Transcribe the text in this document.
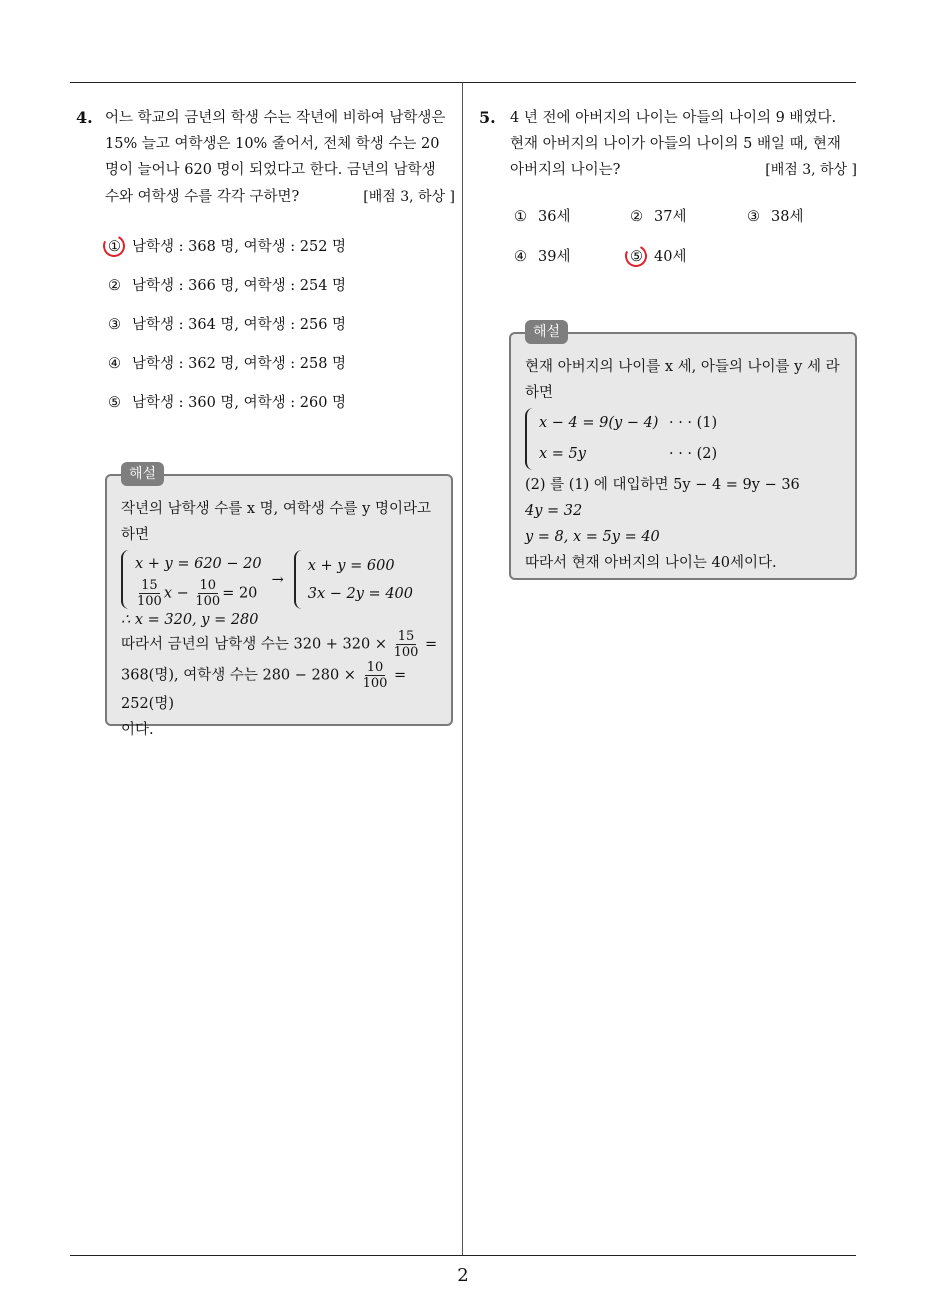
4. 어느 학교의 금년의 학생 수는 작년에 비하여 남학생은

15% 늘고 여학생은 10% 줄어서, 전체 학생 수는 20

명이 늘어나 620 명이 되었다고 한다. 금년의 남학생

수와 여학생 수를 각각 구하면?	[배점 3, 하상 ]

① 남학생 : 368 명, 여학생 : 252 명
② 남학생 : 366 명, 여학생 : 254 명
③ 남학생 : 364 명, 여학생 : 256 명
④ 남학생 : 362 명, 여학생 : 258 명
⑤ 남학생 : 360 명, 여학생 : 260 명
해설

작년의 남학생 수를 x 명, 여학생 수를 y 명이라고

하면

x + y = 620 − 20
$\frac{15}{100}$ $x - \frac{10}{100} = 20$
→
x + y = 600
3x − 2y = 400

∴ x = 320, y = 280

따라서 금년의 남학생 수는 $320 + 320 \times \frac{15}{100}$ =

368(명), 여학생 수는 $280 - 280 \times \frac{10}{100} = 252$(명)

이다.

5. 4 년 전에 아버지의 나이는 아들의 나이의 9 배였다.

현재 아버지의 나이가 아들의 나이의 5 배일 때, 현재

아버지의 나이는?	[배점 3, 하상 ]

① 36세	② 37세	③ 38세
④ 39세	⑤ 40세
해설

현재 아버지의 나이를 x 세, 아들의 나이를 y 세 라

하면

x − 4 = 9(y − 4) · · · (1)
x = 5y	· · · (2)

(2) 를 (1) 에 대입하면 5y − 4 = 9y − 36

4y = 32

y = 8, x = 5y = 40

따라서 현재 아버지의 나이는 40세이다.

2
